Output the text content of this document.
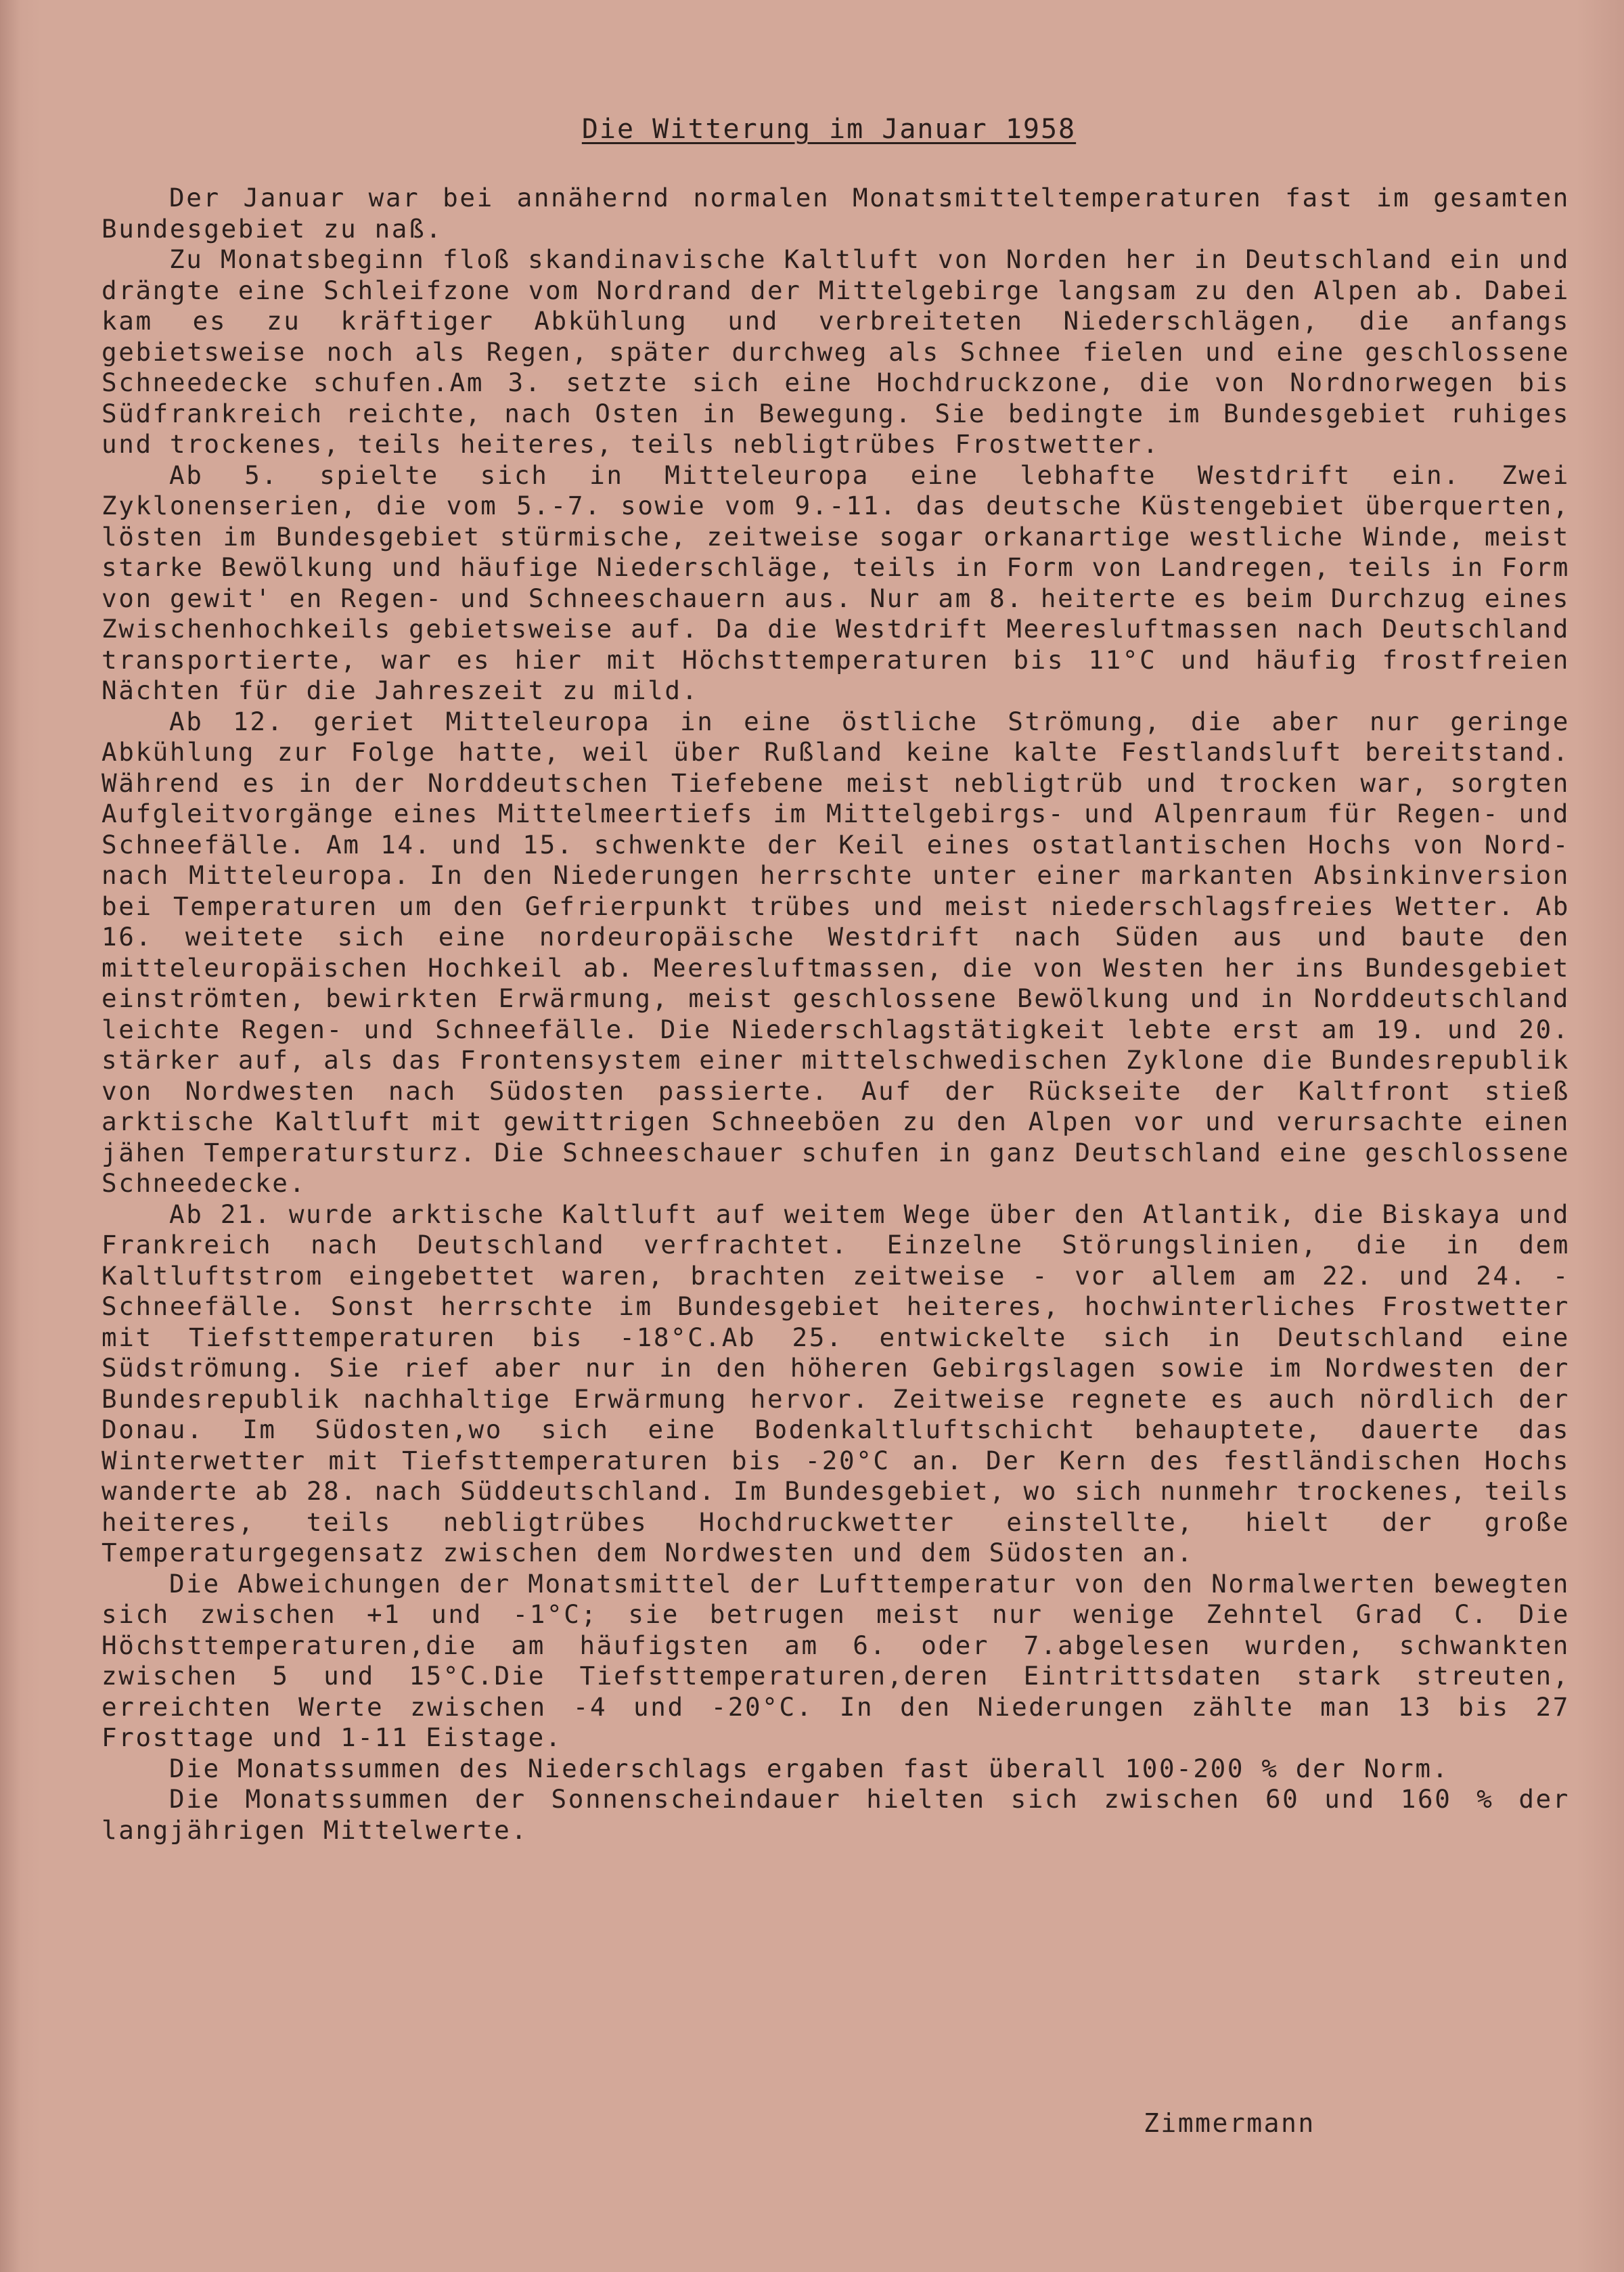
Die Witterung im Januar 1958

Der Januar war bei annähernd normalen Monatsmitteltemperaturen fast im gesamten Bundesgebiet zu naß.

Zu Monatsbeginn floß skandinavische Kaltluft von Norden her in Deutschland ein und drängte eine Schleifzone vom Nordrand der Mittelgebirge langsam zu den Alpen ab. Dabei kam es zu kräftiger Abkühlung und verbreiteten Niederschlägen, die anfangs gebietsweise noch als Regen, später durchweg als Schnee fielen und eine geschlossene Schneedecke schufen.Am 3. setzte sich eine Hochdruckzone, die von Nordnorwegen bis Südfrankreich reichte, nach Osten in Bewegung. Sie bedingte im Bundesgebiet ruhiges und trockenes, teils heiteres, teils nebligtrübes Frostwetter.

Ab 5. spielte sich in Mitteleuropa eine lebhafte Westdrift ein. Zwei Zyklonenserien, die vom 5.-7. sowie vom 9.-11. das deutsche Küstengebiet überquerten, lösten im Bundesgebiet stürmische, zeitweise sogar orkanartige westliche Winde, meist starke Bewölkung und häufige Niederschläge, teils in Form von Landregen, teils in Form von gewit' en Regen- und Schneeschauern aus. Nur am 8. heiterte es beim Durchzug eines Zwischenhochkeils gebietsweise auf. Da die Westdrift Meeresluftmassen nach Deutschland transportierte, war es hier mit Höchsttemperaturen bis 11°C und häufig frostfreien Nächten für die Jahreszeit zu mild.

Ab 12. geriet Mitteleuropa in eine östliche Strömung, die aber nur geringe Abkühlung zur Folge hatte, weil über Rußland keine kalte Festlandsluft bereitstand. Während es in der Norddeutschen Tiefebene meist nebligtrüb und trocken war, sorgten Aufgleitvorgänge eines Mittelmeertiefs im Mittelgebirgs- und Alpenraum für Regen- und Schneefälle. Am 14. und 15. schwenkte der Keil eines ostatlantischen Hochs von Nord- nach Mitteleuropa. In den Niederungen herrschte unter einer markanten Absinkinversion bei Temperaturen um den Gefrierpunkt trübes und meist niederschlagsfreies Wetter. Ab 16. weitete sich eine nordeuropäische Westdrift nach Süden aus und baute den mitteleuropäischen Hochkeil ab. Meeresluftmassen, die von Westen her ins Bundesgebiet einströmten, bewirkten Erwärmung, meist geschlossene Bewölkung und in Norddeutschland leichte Regen- und Schneefälle. Die Niederschlagstätigkeit lebte erst am 19. und 20. stärker auf, als das Frontensystem einer mittelschwedischen Zyklone die Bundesrepublik von Nordwesten nach Südosten passierte. Auf der Rückseite der Kaltfront stieß arktische Kaltluft mit gewittrigen Schneeböen zu den Alpen vor und verursachte einen jähen Temperatursturz. Die Schneeschauer schufen in ganz Deutschland eine geschlossene Schneedecke.

Ab 21. wurde arktische Kaltluft auf weitem Wege über den Atlantik, die Biskaya und Frankreich nach Deutschland verfrachtet. Einzelne Störungslinien, die in dem Kaltluftstrom eingebettet waren, brachten zeitweise - vor allem am 22. und 24. - Schneefälle. Sonst herrschte im Bundesgebiet heiteres, hochwinterliches Frostwetter mit Tiefsttemperaturen bis -18°C.Ab 25. entwickelte sich in Deutschland eine Südströmung. Sie rief aber nur in den höheren Gebirgslagen sowie im Nordwesten der Bundesrepublik nachhaltige Erwärmung hervor. Zeitweise regnete es auch nördlich der Donau. Im Südosten,wo sich eine Bodenkaltluftschicht behauptete, dauerte das Winterwetter mit Tiefsttemperaturen bis -20°C an. Der Kern des festländischen Hochs wanderte ab 28. nach Süddeutschland. Im Bundesgebiet, wo sich nunmehr trockenes, teils heiteres, teils nebligtrübes Hochdruckwetter einstellte, hielt der große Temperaturgegensatz zwischen dem Nordwesten und dem Südosten an.

Die Abweichungen der Monatsmittel der Lufttemperatur von den Normalwerten bewegten sich zwischen +1 und -1°C; sie betrugen meist nur wenige Zehntel Grad C. Die Höchsttemperaturen,die am häufigsten am 6. oder 7.abgelesen wurden, schwankten zwischen 5 und 15°C.Die Tiefsttemperaturen,deren Eintrittsdaten stark streuten, erreichten Werte zwischen -4 und -20°C. In den Niederungen zählte man 13 bis 27 Frosttage und 1-11 Eistage.

Die Monatssummen des Niederschlags ergaben fast überall 100-200 % der Norm.

Die Monatssummen der Sonnenscheindauer hielten sich zwischen 60 und 160 % der langjährigen Mittelwerte.

Zimmermann
